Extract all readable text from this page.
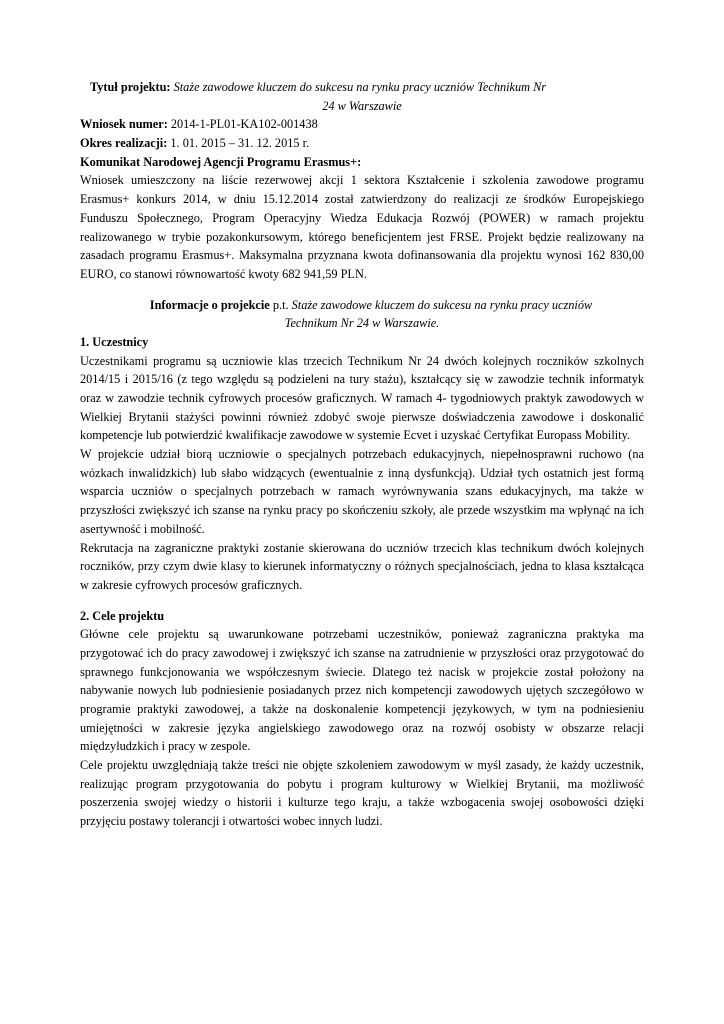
Tytuł projektu: Staże zawodowe kluczem do sukcesu na rynku pracy uczniów Technikum Nr

24 w Warszawie

Wniosek numer: 2014-1-PL01-KA102-001438

Okres realizacji: 1. 01. 2015 – 31. 12. 2015 r.

Komunikat Narodowej Agencji Programu Erasmus+:

Wniosek umieszczony na liście rezerwowej akcji 1 sektora Kształcenie i szkolenia zawodowe programu Erasmus+ konkurs 2014, w dniu 15.12.2014 został zatwierdzony do realizacji ze środków Europejskiego Funduszu Społecznego, Program Operacyjny Wiedza Edukacja Rozwój (POWER) w ramach projektu realizowanego w trybie pozakonkursowym, którego beneficjentem jest FRSE. Projekt będzie realizowany na zasadach programu Erasmus+. Maksymalna przyznana kwota dofinansowania dla projektu wynosi 162 830,00 EURO, co stanowi równowartość kwoty 682 941,59 PLN.

Informacje o projekcie p.t. Staże zawodowe kluczem do sukcesu na rynku pracy uczniów

Technikum Nr 24 w Warszawie.

1. Uczestnicy

Uczestnikami programu są uczniowie klas trzecich Technikum Nr 24 dwóch kolejnych roczników szkolnych 2014/15 i 2015/16 (z tego względu są podzieleni na tury stażu), kształcący się w zawodzie technik informatyk oraz w zawodzie technik cyfrowych procesów graficznych. W ramach 4- tygodniowych praktyk zawodowych w Wielkiej Brytanii stażyści powinni również zdobyć swoje pierwsze doświadczenia zawodowe i doskonalić kompetencje lub potwierdzić kwalifikacje zawodowe w systemie Ecvet i uzyskać Certyfikat Europass Mobility.

W projekcie udział biorą uczniowie o specjalnych potrzebach edukacyjnych, niepełnosprawni ruchowo (na wózkach inwalidzkich) lub słabo widzących (ewentualnie z inną dysfunkcją). Udział tych ostatnich jest formą wsparcia uczniów o specjalnych potrzebach w ramach wyrównywania szans edukacyjnych, ma także w przyszłości zwiększyć ich szanse na rynku pracy po skończeniu szkoły, ale przede wszystkim ma wpłynąć na ich asertywność i mobilność.

Rekrutacja na zagraniczne praktyki zostanie skierowana do uczniów trzecich klas technikum dwóch kolejnych roczników, przy czym dwie klasy to kierunek informatyczny o różnych specjalnościach, jedna to klasa kształcąca w zakresie cyfrowych procesów graficznych.

2. Cele projektu

Główne cele projektu są uwarunkowane potrzebami uczestników, ponieważ zagraniczna praktyka ma przygotować ich do pracy zawodowej i zwiększyć ich szanse na zatrudnienie w przyszłości oraz przygotować do sprawnego funkcjonowania we współczesnym świecie. Dlatego też nacisk w projekcie został położony na nabywanie nowych lub podniesienie posiadanych przez nich kompetencji zawodowych ujętych szczegółowo w programie praktyki zawodowej, a także na doskonalenie kompetencji językowych, w tym na podniesieniu umiejętności w zakresie języka angielskiego zawodowego oraz na rozwój osobisty w obszarze relacji międzyludzkich i pracy w zespole.

Cele projektu uwzględniają także treści nie objęte szkoleniem zawodowym w myśl zasady, że każdy uczestnik, realizując program przygotowania do pobytu i program kulturowy w Wielkiej Brytanii, ma możliwość poszerzenia swojej wiedzy o historii i kulturze tego kraju, a także wzbogacenia swojej osobowości dzięki przyjęciu postawy tolerancji i otwartości wobec innych ludzi.
